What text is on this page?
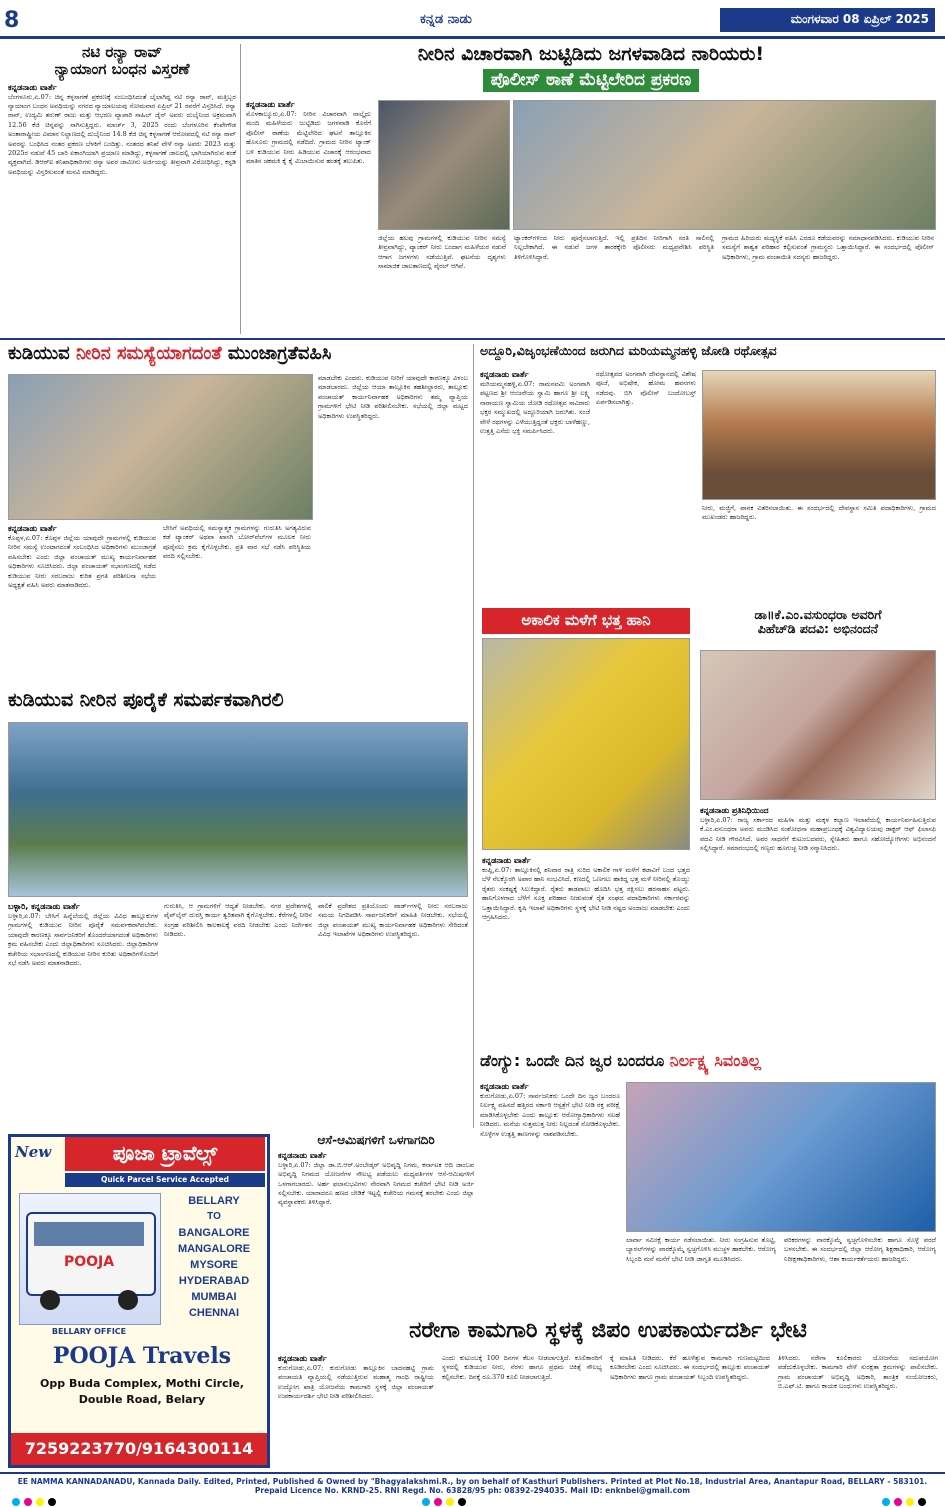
8	ಕನ್ನಡ ನಾಡು	ಮಂಗಳವಾರ 08 ಏಪ್ರಿಲ್ 2025
ನಟಿ ರನ್ಯಾ ರಾವ್
ನ್ಯಾಯಾಂಗ ಬಂಧನ ವಿಸ್ತರಣೆ
ಕನ್ನಡನಾಡು ವಾರ್ತೆ
ಬೆಂಗಳೂರು,ಏ.07: ಚಿನ್ನ ಕಳ್ಳಸಾಗಣೆ ಪ್ರಕರಣಕ್ಕೆ ಸಂಬಂಧಿಸಿದಂತೆ ಬೈಲಾಗಿದ್ದ ನಟಿ ರನ್ಯಾ ರಾವ್, ಮತ್ತಿಬ್ಬರ ನ್ಯಾಯಾಂಗ ಬಂಧನ ಅವಧಿಯನ್ನು ನಗರದ ನ್ಯಾಯಾಲಯವು ಸೋಮವಾರ ಏಪ್ರಿಲ್ 21 ರವರೆಗೆ ವಿಸ್ತರಿಸಿದೆ. ರನ್ಯಾ ರಾವ್, ಉದ್ಯಮಿ ತರುಣ್ ರಾಜು ಮತ್ತು ಆಭರಣ ವ್ಯಾಪಾರಿ ಸಾಹಿಲ್ ಜೈನ್ ಅವರು ದುಬೈನಿಂದ ಅಕ್ರಮವಾಗಿ 12.56 ಕೆಜಿ ಚಿನ್ನವನ್ನು ಸಾಗಿಸುತ್ತಿದ್ದರು. ಮಾರ್ಚ್ 3, 2025 ರಂದು ಬೆಂಗಳೂರಿನ ಕೆಂಪೇಗೌಡ ಅಂತಾರಾಷ್ಟ್ರೀಯ ವಿಮಾನ ನಿಲ್ದಾಣದಲ್ಲಿ ದುಬೈನಿಂದ 14.8 ಕೆಜಿ ಚಿನ್ನ ಕಳ್ಳಸಾಗಣೆ ಆರೋಪದಲ್ಲಿ ನಟಿ ರನ್ಯಾ ರಾವ್ ಅವರನ್ನು ಬಂಧಿಸಿದ ನಂತರ ಪ್ರಕರಣ ಬೆಳಕಿಗೆ ಬಂದಿತ್ತು. ನಂತರದ ತನಿಖೆ ವೇಳೆ ರನ್ಯಾ ಅವರು 2023 ಮತ್ತು 2025ರ ನಡುವೆ 45 ಬಾರಿ ಏಕಾಂಗಿಯಾಗಿ ಪ್ರಯಾಣ ಮಾಡಿದ್ದು, ಕಳ್ಳಸಾಗಣೆ ಜಾಲದಲ್ಲಿ ಭಾಗಿಯಾಗಿರುವ ಶಂಕೆ ವ್ಯಕ್ತವಾಗಿದೆ. ಡಿಆರ್‌ಐ ತನಿಖಾಧಿಕಾರಿಗಳು ರನ್ಯಾ ಅವರ ಜಾಮೀನು ಅರ್ಜಿಯನ್ನು ತೀವ್ರವಾಗಿ ವಿರೋಧಿಸಿದ್ದು, ಕಸ್ಟಡಿ ಅವಧಿಯನ್ನು ವಿಸ್ತರಿಸುವಂತೆ ಮನವಿ ಮಾಡಿದ್ದರು.
ನೀರಿನ ವಿಚಾರವಾಗಿ ಜುಟ್ಟಿಡಿದು ಜಗಳವಾಡಿದ ನಾರಿಯರು!
ಪೊಲೀಸ್ ಠಾಣೆ ಮೆಟ್ಟಿಲೇರಿದ ಪ್ರಕರಣ
ಕನ್ನಡನಾಡು ವಾರ್ತೆ
ಮೊಳಕಾಲ್ಮೂರು,ಏ.07: ನೀರಿನ ವಿಚಾರವಾಗಿ ನಾಲ್ಕೈದು ಮಂದಿ ಮಹಿಳೆಯರು ಜುಟ್ಟಿಡಿದು ಜಗಳವಾಡಿ ಕೊನೆಗೆ ಪೊಲೀಸ್ ಠಾಣೆಯ ಮೆಟ್ಟಿಲೇರಿದ ಘಟನೆ ತಾಲ್ಲೂಕಿನ ಹೊಸೂರು ಗ್ರಾಮದಲ್ಲಿ ನಡೆದಿದೆ. ಗ್ರಾಮದ ನೀರಿನ ಟ್ಯಾಂಕ್ ಬಳಿ ಕುಡಿಯುವ ನೀರು ಹಿಡಿಯುವ ವಿಚಾರಕ್ಕೆ ಆರಂಭವಾದ ಮಾತಿನ ಚಕಮಕಿ ಕೈ ಕೈ ಮಿಲಾಯಿಸುವ ಹಂತಕ್ಕೆ ತಲುಪಿತು.
ಜಿಲ್ಲೆಯ ಹಲವು ಗ್ರಾಮಗಳಲ್ಲಿ ಕುಡಿಯುವ ನೀರಿನ ಸಮಸ್ಯೆ ತೀವ್ರವಾಗಿದ್ದು, ಟ್ಯಾಂಕರ್ ನೀರು ಬಂದಾಗ ಮಹಿಳೆಯರ ನಡುವೆ ಆಗಾಗ ಜಗಳಗಳು ನಡೆಯುತ್ತಿವೆ. ಘಟನೆಯ ದೃಶ್ಯಗಳು ಸಾಮಾಜಿಕ ಜಾಲತಾಣದಲ್ಲಿ ವೈರಲ್ ಆಗಿವೆ.
ಟ್ಯಾಂಕರ್‌ಗಳಿಂದ ನೀರು ಪೂರೈಸಲಾಗುತ್ತಿದೆ. ಇಲ್ಲಿ ಪ್ರತಿದಿನ ನೀರಿಗಾಗಿ ಸರತಿ ಸಾಲಿನಲ್ಲಿ ನಿಲ್ಲಬೇಕಾಗಿದೆ. ಈ ನಡುವೆ ಜಗಳ ತಾರಕಕ್ಕೇರಿ ಪೊಲೀಸರು ಮಧ್ಯಪ್ರವೇಶಿಸಿ ಪರಿಸ್ಥಿತಿ ತಿಳಿಗೊಳಿಸಿದ್ದಾರೆ.
ಗ್ರಾಮದ ಹಿರಿಯರು ಮಧ್ಯಸ್ಥಿಕೆ ವಹಿಸಿ ಎರಡೂ ಕಡೆಯವರನ್ನು ಸಮಾಧಾನಪಡಿಸಿದರು. ಕುಡಿಯುವ ನೀರಿನ ಸಮಸ್ಯೆಗೆ ಶಾಶ್ವತ ಪರಿಹಾರ ಕಲ್ಪಿಸುವಂತೆ ಗ್ರಾಮಸ್ಥರು ಒತ್ತಾಯಿಸಿದ್ದಾರೆ. ಈ ಸಂದರ್ಭದಲ್ಲಿ ಪೊಲೀಸ್ ಅಧಿಕಾರಿಗಳು, ಗ್ರಾಮ ಪಂಚಾಯಿತಿ ಸದಸ್ಯರು ಹಾಜರಿದ್ದರು.
ಕುಡಿಯುವ ನೀರಿನ ಸಮಸ್ಯೆಯಾಗದಂತೆ ಮುಂಜಾಗ್ರತೆವಹಿಸಿ
ಮಾಡಬೇಕು ಎಂದರು. ಕುಡಿಯುವ ನೀರಿಗೆ ಯಾವುದೇ ಕಾರಣಕ್ಕೂ ವಿಳಂಬ ಮಾಡಬಾರದು. ಜಿಲ್ಲೆಯ ಆಯಾ ತಾಲ್ಲೂಕಿನ ತಹಶೀಲ್ದಾರರು, ತಾಲ್ಲೂಕು ಪಂಚಾಯತ್ ಕಾರ್ಯನಿರ್ವಾಹಕ ಅಧಿಕಾರಿಗಳು ತಮ್ಮ ವ್ಯಾಪ್ತಿಯ ಗ್ರಾಮಗಳಿಗೆ ಭೇಟಿ ನೀಡಿ ಪರಿಶೀಲಿಸಬೇಕು. ಸಭೆಯಲ್ಲಿ ಜಿಲ್ಲಾ ಮಟ್ಟದ ಅಧಿಕಾರಿಗಳು ಉಪಸ್ಥಿತರಿದ್ದರು.
ಕನ್ನಡನಾಡು ವಾರ್ತೆ
ಕೊಪ್ಪಳ,ಏ.07: ಕೊಪ್ಪಳ ಜಿಲ್ಲೆಯ ಯಾವುದೇ ಗ್ರಾಮಗಳಲ್ಲಿ ಕುಡಿಯುವ ನೀರಿನ ಸಮಸ್ಯೆ ಉಂಟಾಗದಂತೆ ಸಂಬಂಧಿಸಿದ ಅಧಿಕಾರಿಗಳು ಮುಂಜಾಗ್ರತೆ ವಹಿಸಬೇಕು ಎಂದು ಜಿಲ್ಲಾ ಪಂಚಾಯತ್ ಮುಖ್ಯ ಕಾರ್ಯನಿರ್ವಾಹಕ ಅಧಿಕಾರಿಗಳು ಸೂಚಿಸಿದರು. ಜಿಲ್ಲಾ ಪಂಚಾಯತ್ ಸಭಾಂಗಣದಲ್ಲಿ ನಡೆದ ಕುಡಿಯುವ ನೀರು ಸರಬರಾಜು ಕುರಿತ ಪ್ರಗತಿ ಪರಿಶೀಲನಾ ಸಭೆಯ ಅಧ್ಯಕ್ಷತೆ ವಹಿಸಿ ಅವರು ಮಾತನಾಡಿದರು.
ಬೇಸಿಗೆ ಅವಧಿಯಲ್ಲಿ ಸಮಸ್ಯಾತ್ಮಕ ಗ್ರಾಮಗಳನ್ನು ಗುರುತಿಸಿ ಅಗತ್ಯವಿರುವ ಕಡೆ ಟ್ಯಾಂಕರ್ ಅಥವಾ ಖಾಸಗಿ ಬೋರ್‌ವೆಲ್‌ಗಳ ಮೂಲಕ ನೀರು ಪೂರೈಸಲು ಕ್ರಮ ಕೈಗೊಳ್ಳಬೇಕು. ಪ್ರತಿ ವಾರ ಸಭೆ ನಡೆಸಿ ಪರಿಸ್ಥಿತಿಯ ವರದಿ ಸಲ್ಲಿಸಬೇಕು.
ಅದ್ದೂರಿ,ವಿಜೃಂಭಣೆಯಿಂದ ಜರುಗಿದ ಮರಿಯಮ್ಮನಹಳ್ಳಿ ಜೋಡಿ ರಥೋತ್ಸವ
ಕನ್ನಡನಾಡು ವಾರ್ತೆ
ಮರಿಯಮ್ಮನಹಳ್ಳಿ,ಏ.07: ರಾಮನವಮಿ ಅಂಗವಾಗಿ ಪಟ್ಟಣದ ಶ್ರೀ ಆಂಜನೇಯ ಸ್ವಾಮಿ ಹಾಗೂ ಶ್ರೀ ಲಕ್ಷ್ಮಿ ನಾರಾಯಣ ಸ್ವಾಮಿಯ ಜೋಡಿ ರಥೋತ್ಸವ ಸಾವಿರಾರು ಭಕ್ತರ ಸಮ್ಮುಖದಲ್ಲಿ ಅದ್ದೂರಿಯಾಗಿ ಜರುಗಿತು. ಸಂಜೆ ವೇಳೆ ರಥಗಳನ್ನು ಎಳೆಯುತ್ತಿದ್ದಂತೆ ಭಕ್ತರು ಬಾಳೆಹಣ್ಣು, ಉತ್ತತ್ತಿ ಎಸೆದು ಭಕ್ತಿ ಸಮರ್ಪಿಸಿದರು.
ರಥೋತ್ಸವದ ಅಂಗವಾಗಿ ದೇವಸ್ಥಾನದಲ್ಲಿ ವಿಶೇಷ ಪೂಜೆ, ಅಭಿಷೇಕ, ಹೋಮ ಹವನಗಳು ನಡೆದವು. ಬಿಗಿ ಪೊಲೀಸ್ ಬಂದೋಬಸ್ತ್ ಏರ್ಪಡಿಸಲಾಗಿತ್ತು.
ನೀರು, ಮಜ್ಜಿಗೆ, ಪಾನಕ ವಿತರಿಸಲಾಯಿತು. ಈ ಸಂದರ್ಭದಲ್ಲಿ ದೇವಸ್ಥಾನ ಸಮಿತಿ ಪದಾಧಿಕಾರಿಗಳು, ಗ್ರಾಮದ ಮುಖಂಡರು ಹಾಜರಿದ್ದರು.
ಅಕಾಲಿಕ ಮಳೆಗೆ ಭತ್ತ ಹಾನಿ
ಕನ್ನಡನಾಡು ವಾರ್ತೆ
ಕಂಪ್ಲಿ,ಏ.07: ತಾಲ್ಲೂಕಿನಲ್ಲಿ ಶನಿವಾರ ರಾತ್ರಿ ಸುರಿದ ಅಕಾಲಿಕ ಗಾಳಿ ಮಳೆಗೆ ಕಟಾವಿಗೆ ಬಂದ ಭತ್ತದ ಬೆಳೆ ನೆಲಕ್ಕೊರಗಿ ಅಪಾರ ಹಾನಿ ಸಂಭವಿಸಿದೆ. ಕಣದಲ್ಲಿ ಒಣಗಲು ಹಾಕಿದ್ದ ಭತ್ತ ಮಳೆ ನೀರಿನಲ್ಲಿ ತೊಯ್ದು ರೈತರು ಸಂಕಷ್ಟಕ್ಕೆ ಸಿಲುಕಿದ್ದಾರೆ. ರೈತರು ತಾಡಪಾಲು ಹೊದಿಸಿ ಭತ್ತ ರಕ್ಷಿಸಲು ಹರಸಾಹಸ ಪಟ್ಟರು. ಹಾನಿಗೊಳಗಾದ ಬೆಳೆಗೆ ಸೂಕ್ತ ಪರಿಹಾರ ನೀಡುವಂತೆ ರೈತ ಸಂಘದ ಪದಾಧಿಕಾರಿಗಳು ಸರ್ಕಾರವನ್ನು ಒತ್ತಾಯಿಸಿದ್ದಾರೆ. ಕೃಷಿ ಇಲಾಖೆ ಅಧಿಕಾರಿಗಳು ಸ್ಥಳಕ್ಕೆ ಭೇಟಿ ನೀಡಿ ನಷ್ಟದ ಅಂದಾಜು ಮಾಡಬೇಕು ಎಂದು ಆಗ್ರಹಿಸಿದರು.
ಡಾ॥ಕೆ.ಎಂ.ವಸುಂಧರಾ ಅವರಿಗೆ
ಪಿಹೆಚ್‌ಡಿ ಪದವಿ: ಅಭಿನಂದನೆ
ಕನ್ನಡನಾಡು ಪ್ರತಿನಿಧಿಯಿಂದ
ಬಳ್ಳಾರಿ,ಏ.07: ರಾಜ್ಯ ಸರ್ಕಾರದ ಮಹಿಳಾ ಮತ್ತು ಮಕ್ಕಳ ಕಲ್ಯಾಣ ಇಲಾಖೆಯಲ್ಲಿ ಕಾರ್ಯನಿರ್ವಹಿಸುತ್ತಿರುವ ಕೆ.ಎಂ.ವಸುಂಧರಾ ಅವರು ಮಂಡಿಸಿದ ಸಂಶೋಧನಾ ಮಹಾಪ್ರಬಂಧಕ್ಕೆ ವಿಶ್ವವಿದ್ಯಾಲಯವು ಡಾಕ್ಟರ್ ಆಫ್ ಫಿಲಾಸಫಿ ಪದವಿ ನೀಡಿ ಗೌರವಿಸಿದೆ. ಅವರ ಸಾಧನೆಗೆ ಕುಟುಂಬದವರು, ಸ್ನೇಹಿತರು ಹಾಗೂ ಸಹೋದ್ಯೋಗಿಗಳು ಅಭಿನಂದನೆ ಸಲ್ಲಿಸಿದ್ದಾರೆ. ಸಮಾರಂಭದಲ್ಲಿ ಗಣ್ಯರು ಹೂಗುಚ್ಛ ನೀಡಿ ಸನ್ಮಾನಿಸಿದರು.
ಕುಡಿಯುವ ನೀರಿನ ಪೂರೈಕೆ ಸಮರ್ಪಕವಾಗಿರಲಿ
ಬಳ್ಳಾರಿ, ಕನ್ನಡನಾಡು ವಾರ್ತೆ
ಬಳ್ಳಾರಿ,ಏ.07: ಬೇಸಿಗೆ ಹಿನ್ನೆಲೆಯಲ್ಲಿ ಜಿಲ್ಲೆಯ ವಿವಿಧ ತಾಲ್ಲೂಕುಗಳ ಗ್ರಾಮಗಳಲ್ಲಿ ಕುಡಿಯುವ ನೀರಿನ ಪೂರೈಕೆ ಸಮರ್ಪಕವಾಗಿರಬೇಕು. ಯಾವುದೇ ಕಾರಣಕ್ಕೂ ಸಾರ್ವಜನಿಕರಿಗೆ ತೊಂದರೆಯಾಗದಂತೆ ಅಧಿಕಾರಿಗಳು ಕ್ರಮ ವಹಿಸಬೇಕು ಎಂದು ಜಿಲ್ಲಾಧಿಕಾರಿಗಳು ಸೂಚಿಸಿದರು. ಜಿಲ್ಲಾಧಿಕಾರಿಗಳ ಕಚೇರಿಯ ಸಭಾಂಗಣದಲ್ಲಿ ಕುಡಿಯುವ ನೀರಿನ ಕುರಿತು ಅಧಿಕಾರಿಗಳೊಂದಿಗೆ ಸಭೆ ನಡೆಸಿ ಅವರು ಮಾತನಾಡಿದರು.
ಗುರುತಿಸಿ, ಆ ಗ್ರಾಮಗಳಿಗೆ ಆದ್ಯತೆ ನೀಡಬೇಕು. ನಗರ ಪ್ರದೇಶಗಳಲ್ಲಿ ಪೈಪ್‌ಲೈನ್ ದುರಸ್ತಿ ಕಾರ್ಯ ತ್ವರಿತವಾಗಿ ಕೈಗೊಳ್ಳಬೇಕು. ಕೆರೆಗಳಲ್ಲಿ ನೀರಿನ ಸಂಗ್ರಹ ಪರಿಶೀಲಿಸಿ ಕಾಲಕಾಲಕ್ಕೆ ವರದಿ ನೀಡಬೇಕು ಎಂದು ನಿರ್ದೇಶನ ನೀಡಿದರು.
ಪಾಲಿಕೆ ಪ್ರದೇಶದ ಪ್ರತಿಯೊಂದು ವಾರ್ಡ್‌ಗಳಲ್ಲಿ ನೀರು ಸರಬರಾಜು ಸಮಯ ನಿಗದಿಪಡಿಸಿ ಸಾರ್ವಜನಿಕರಿಗೆ ಮಾಹಿತಿ ನೀಡಬೇಕು. ಸಭೆಯಲ್ಲಿ ಜಿಲ್ಲಾ ಪಂಚಾಯತ್ ಮುಖ್ಯ ಕಾರ್ಯನಿರ್ವಾಹಕ ಅಧಿಕಾರಿಗಳು ಸೇರಿದಂತೆ ವಿವಿಧ ಇಲಾಖೆಗಳ ಅಧಿಕಾರಿಗಳು ಉಪಸ್ಥಿತರಿದ್ದರು.
ಡೆಂಗ್ಯು: ಒಂದೇ ದಿನ ಜ್ವರ ಬಂದರೂ ನಿರ್ಲಕ್ಷ್ಯ ಸಿವಂತಿಲ್ಲ
ಕನ್ನಡನಾಡು ವಾರ್ತೆ
ಕುರುಗೋಡು,ಏ.07: ಸಾರ್ವಜನಿಕರು ಒಂದೇ ದಿನ ಜ್ವರ ಬಂದರೂ ನಿರ್ಲಕ್ಷ್ಯ ವಹಿಸದೆ ಹತ್ತಿರದ ಸರ್ಕಾರಿ ಆಸ್ಪತ್ರೆಗೆ ಭೇಟಿ ನೀಡಿ ರಕ್ತ ಪರೀಕ್ಷೆ ಮಾಡಿಸಿಕೊಳ್ಳಬೇಕು ಎಂದು ತಾಲ್ಲೂಕು ಆರೋಗ್ಯಾಧಿಕಾರಿಗಳು ಸಲಹೆ ನೀಡಿದರು. ಮನೆಯ ಸುತ್ತಮುತ್ತ ನೀರು ನಿಲ್ಲದಂತೆ ನೋಡಿಕೊಳ್ಳಬೇಕು. ಸೊಳ್ಳೆಗಳ ಉತ್ಪತ್ತಿ ತಾಣಗಳನ್ನು ನಾಶಪಡಿಸಬೇಕು.
ಲಾರ್ವಾ ಸಮೀಕ್ಷೆ ಕಾರ್ಯ ನಡೆಸಲಾಯಿತು. ನೀರು ಸಂಗ್ರಹಿಸುವ ತೊಟ್ಟಿ, ಬ್ಯಾರಲ್‌ಗಳನ್ನು ವಾರಕ್ಕೊಮ್ಮೆ ಸ್ವಚ್ಛಗೊಳಿಸಿ ಮುಚ್ಚಳ ಹಾಕಬೇಕು. ಆರೋಗ್ಯ ಸಿಬ್ಬಂದಿ ಮನೆ ಮನೆಗೆ ಭೇಟಿ ನೀಡಿ ಜಾಗೃತಿ ಮೂಡಿಸಿದರು.
ಪರಿಕರಗಳನ್ನು ವಾರಕ್ಕೊಮ್ಮೆ ಸ್ವಚ್ಛಗೊಳಿಸಬೇಕು ಹಾಗೂ ಸೊಳ್ಳೆ ಪರದೆ ಬಳಸಬೇಕು. ಈ ಸಂದರ್ಭದಲ್ಲಿ ಜಿಲ್ಲಾ ಆರೋಗ್ಯ ಶಿಕ್ಷಣಾಧಿಕಾರಿ, ಆರೋಗ್ಯ ನಿರೀಕ್ಷಣಾಧಿಕಾರಿಗಳು, ಆಶಾ ಕಾರ್ಯಕರ್ತೆಯರು ಹಾಜರಿದ್ದರು.
New	ಪೂಜಾ ಟ್ರಾವೆಲ್ಸ್
Quick Parcel Service Accepted
POOJA
BELLARY
TO
BANGALORE
MANGALORE
MYSORE
HYDERABAD
MUMBAI
CHENNAI
BELLARY OFFICE
POOJA Travels
Opp Buda Complex, Mothi Circle,
Double Road, Belary
7259223770/9164300114
ಆಸೆ-ಆಮಿಷಗಳಿಗೆ ಒಳಗಾಗದಿರಿ
ಕನ್ನಡನಾಡು ವಾರ್ತೆ
ಬಳ್ಳಾರಿ,ಏ.07: ಜಿಲ್ಲಾ ಡಾ.ಬಿ.ಆರ್.ಅಂಬೇಡ್ಕರ್ ಅಭಿವೃದ್ಧಿ ನಿಗಮ, ಕರ್ನಾಟಕ ಆದಿ ಜಾಂಬವ ಅಭಿವೃದ್ಧಿ ನಿಗಮದ ಯೋಜನೆಗಳ ಸೌಲಭ್ಯ ಪಡೆಯಲು ಮಧ್ಯವರ್ತಿಗಳ ಆಸೆ-ಆಮಿಷಗಳಿಗೆ ಒಳಗಾಗಬಾರದು. ಅರ್ಹ ಫಲಾನುಭವಿಗಳು ನೇರವಾಗಿ ನಿಗಮದ ಕಚೇರಿಗೆ ಭೇಟಿ ನೀಡಿ ಅರ್ಜಿ ಸಲ್ಲಿಸಬೇಕು. ಯಾರಾದರೂ ಹಣದ ಬೇಡಿಕೆ ಇಟ್ಟಲ್ಲಿ ಕಚೇರಿಯ ಗಮನಕ್ಕೆ ತರಬೇಕು ಎಂದು ಜಿಲ್ಲಾ ವ್ಯವಸ್ಥಾಪಕರು ತಿಳಿಸಿದ್ದಾರೆ.
ನರೇಗಾ ಕಾಮಗಾರಿ ಸ್ಥಳಕ್ಕೆ ಜಿಪಂ ಉಪಕಾರ್ಯದರ್ಶಿ ಭೇಟಿ
ಕನ್ನಡನಾಡು ವಾರ್ತೆ
ಕುರುಗೋಡು,ಏ.07: ಕುರುಗೋಡು ತಾಲ್ಲೂಕಿನ ಬಾದನಹಟ್ಟಿ ಗ್ರಾಮ ಪಂಚಾಯತಿ ವ್ಯಾಪ್ತಿಯಲ್ಲಿ ನಡೆಯುತ್ತಿರುವ ಮಹಾತ್ಮ ಗಾಂಧಿ ರಾಷ್ಟ್ರೀಯ ಉದ್ಯೋಗ ಖಾತ್ರಿ ಯೋಜನೆಯ ಕಾಮಗಾರಿ ಸ್ಥಳಕ್ಕೆ ಜಿಲ್ಲಾ ಪಂಚಾಯತ್ ಉಪಕಾರ್ಯದರ್ಶಿ ಭೇಟಿ ನೀಡಿ ಪರಿಶೀಲಿಸಿದರು.
ಎಂದು ಕುಟುಂಬಕ್ಕೆ 100 ದಿನಗಳ ಕೆಲಸ ನೀಡಲಾಗುತ್ತಿದೆ. ಕೂಲಿಕಾರರಿಗೆ ಸ್ಥಳದಲ್ಲಿ ಕುಡಿಯುವ ನೀರು, ನೆರಳು ಹಾಗೂ ಪ್ರಥಮ ಚಿಕಿತ್ಸೆ ಸೌಲಭ್ಯ ಕಲ್ಪಿಸಬೇಕು. ದಿನಕ್ಕೆ ರೂ.370 ಕೂಲಿ ನೀಡಲಾಗುತ್ತಿದೆ.
ಕ್ಕೆ ಮಾಹಿತಿ ನೀಡಿದರು. ಕೆರೆ ಹೂಳೆತ್ತುವ ಕಾಮಗಾರಿ ಗುಣಮಟ್ಟದಿಂದ ಕೂಡಿರಬೇಕು ಎಂದು ಸೂಚಿಸಿದರು. ಈ ಸಂದರ್ಭದಲ್ಲಿ ತಾಲ್ಲೂಕು ಪಂಚಾಯತ್ ಅಧಿಕಾರಿಗಳು ಹಾಗೂ ಗ್ರಾಮ ಪಂಚಾಯತ್ ಸಿಬ್ಬಂದಿ ಉಪಸ್ಥಿತರಿದ್ದರು.
ತಿಳಿಸಿದರು. ನರೇಗಾ ಕೂಲಿಕಾರರು ಯೋಜನೆಯ ಸದುಪಯೋಗ ಪಡೆದುಕೊಳ್ಳಬೇಕು. ಕಾಮಗಾರಿ ವೇಳೆ ಸುರಕ್ಷತಾ ಕ್ರಮಗಳನ್ನು ಪಾಲಿಸಬೇಕು. ಗ್ರಾಮ ಪಂಚಾಯತ್ ಅಭಿವೃದ್ಧಿ ಅಧಿಕಾರಿ, ತಾಂತ್ರಿಕ ಸಂಯೋಜಕರು, ಬಿ.ಎಫ್.ಟಿ. ಹಾಗೂ ಕಾಯಕ ಬಂಧುಗಳು ಉಪಸ್ಥಿತರಿದ್ದರು.
EE NAMMA KANNADANADU, Kannada Daily. Edited, Printed, Published & Owned by "Bhagyalakshmi.R., by on behalf of Kasthuri Publishers. Printed at Plot No.18, Industrial Area, Anantapur Road, BELLARY - 583101.
Prepaid Licence No. KRND-25. RNI Regd. No. 63828/95 ph: 08392-294035. Mail ID: enknbel@gmail.com
